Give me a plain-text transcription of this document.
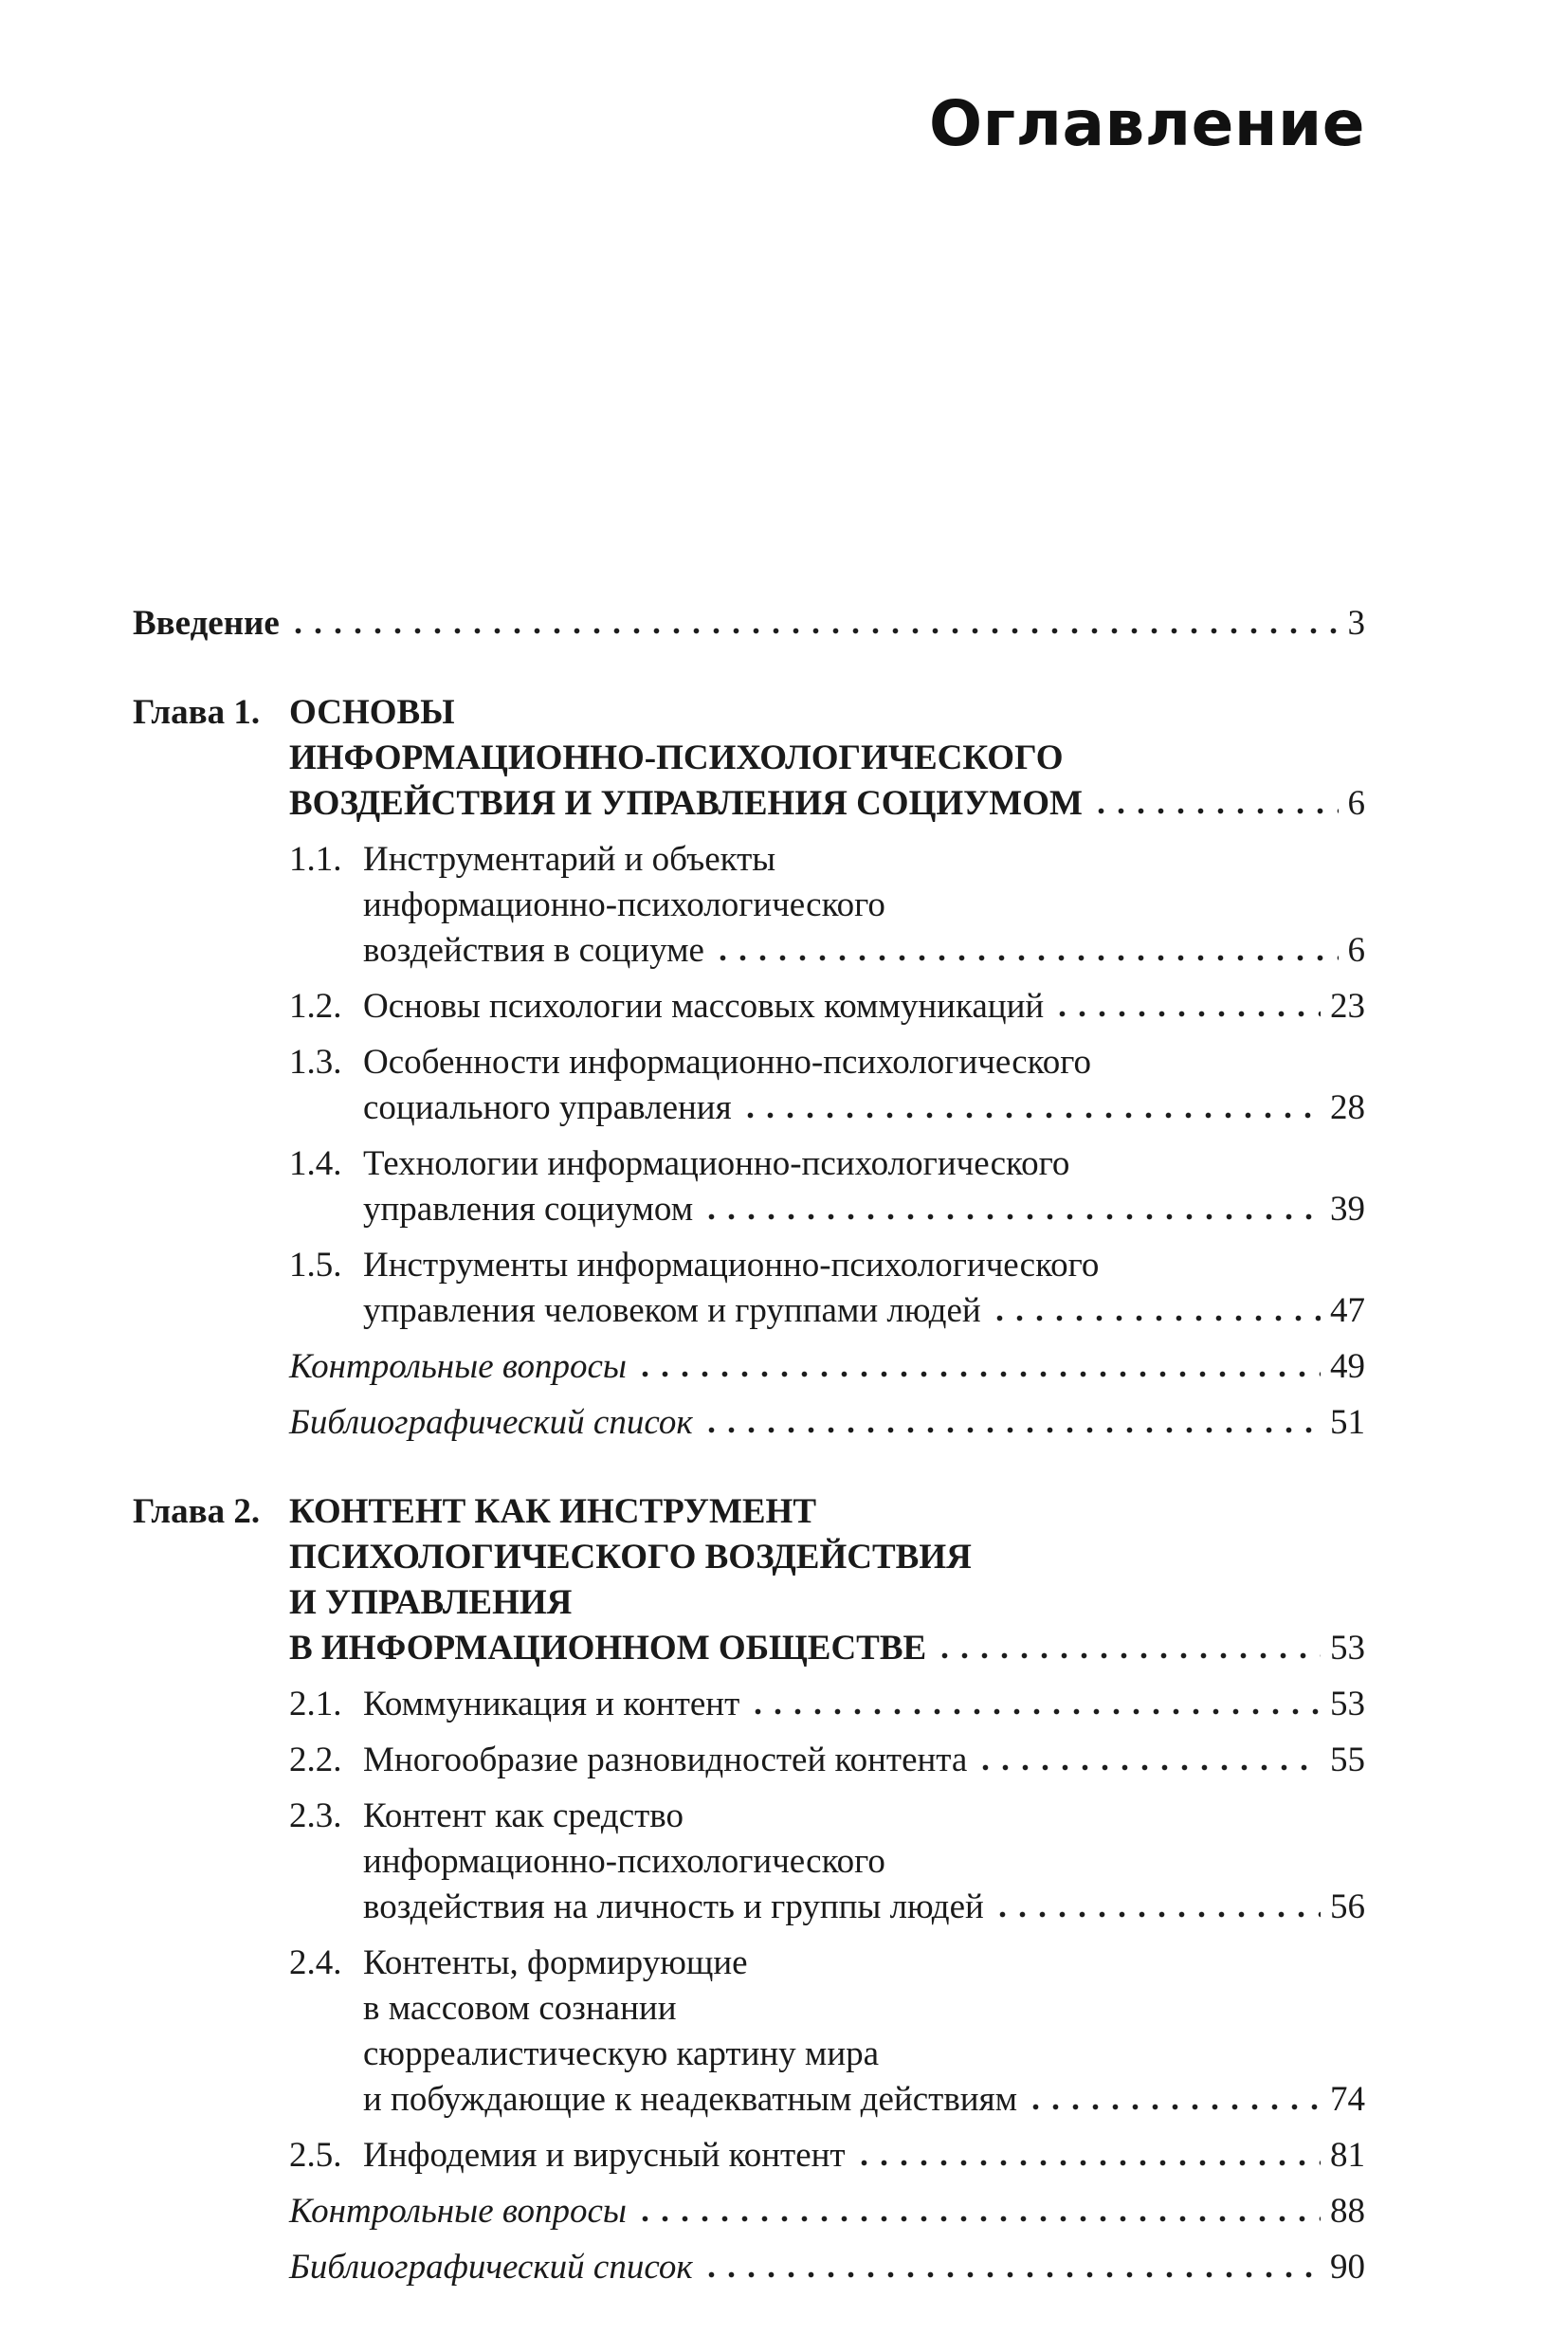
Оглавление
Введение	3
Глава 1. ОСНОВЫ
ИНФОРМАЦИОННО-ПСИХОЛОГИЧЕСКОГО
ВОЗДЕЙСТВИЯ И УПРАВЛЕНИЯ СОЦИУМОМ	6
1.1. Инструментарий и объекты
информационно-психологического
воздействия в социуме	6
1.2. Основы психологии массовых коммуникаций	23
1.3. Особенности информационно-психологического
социального управления	28
1.4. Технологии информационно-психологического
управления социумом	39
1.5. Инструменты информационно-психологического
управления человеком и группами людей	47
Контрольные вопросы	49
Библиографический список	51
Глава 2. КОНТЕНТ КАК ИНСТРУМЕНТ
ПСИХОЛОГИЧЕСКОГО ВОЗДЕЙСТВИЯ
И УПРАВЛЕНИЯ
В ИНФОРМАЦИОННОМ ОБЩЕСТВЕ	53
2.1. Коммуникация и контент	53
2.2. Многообразие разновидностей контента	55
2.3. Контент как средство
информационно-психологического
воздействия на личность и группы людей	56
2.4. Контенты, формирующие
в массовом сознании
сюрреалистическую картину мира
и побуждающие к неадекватным действиям	74
2.5. Инфодемия и вирусный контент	81
Контрольные вопросы	88
Библиографический список	90
